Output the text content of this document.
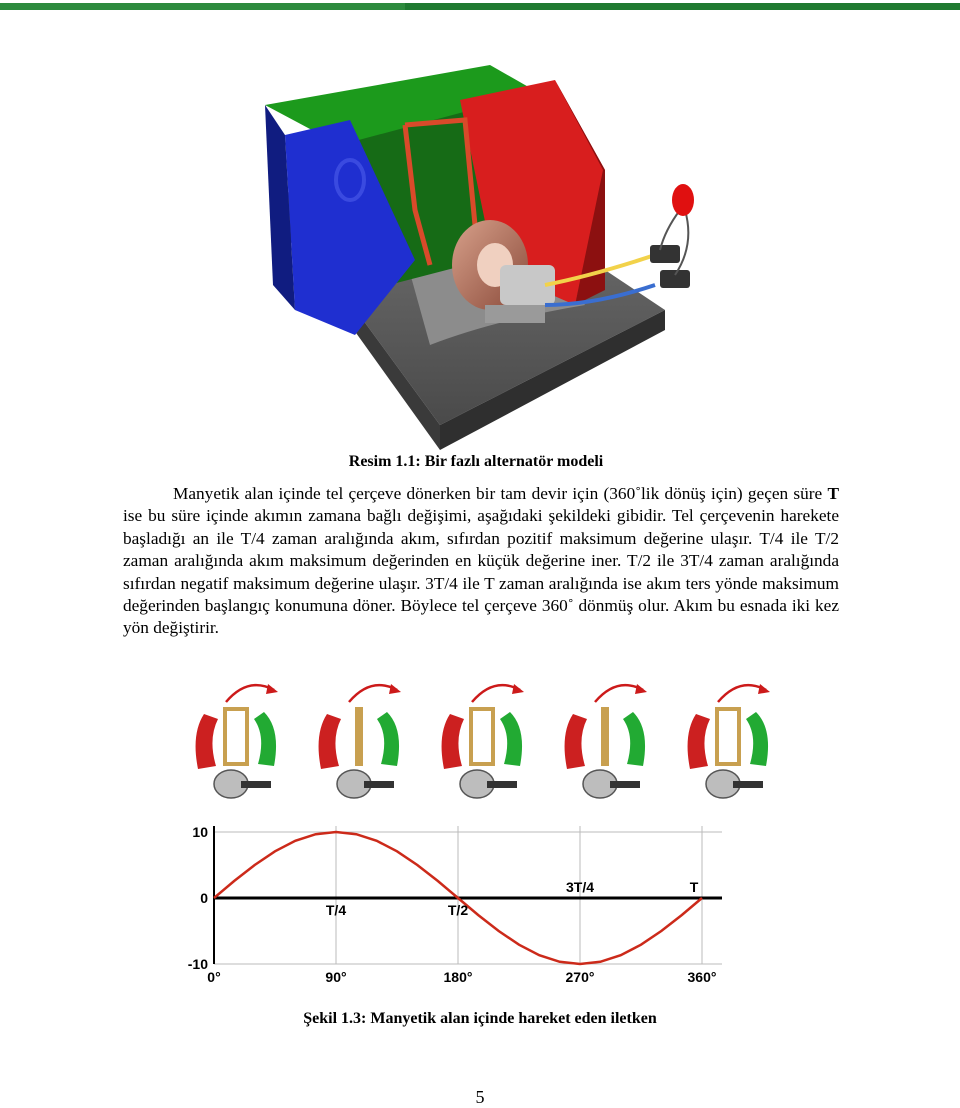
Resim 1.1: Bir fazlı alternatör modeli

Manyetik alan içinde tel çerçeve dönerken bir tam devir için (360˚lik dönüş için) geçen süre T ise bu süre içinde akımın zamana bağlı değişimi, aşağıdaki şekildeki gibidir. Tel çerçevenin harekete başladığı an ile T/4 zaman aralığında akım, sıfırdan pozitif maksimum değerine ulaşır. T/4 ile T/2 zaman aralığında akım maksimum değerinden en küçük değerine iner. T/2 ile 3T/4 zaman aralığında sıfırdan negatif maksimum değerine ulaşır. 3T/4 ile T zaman aralığında ise akım ters yönde maksimum değerinden başlangıç konumuna döner. Böylece tel çerçeve 360˚ dönmüş olur. Akım bu esnada iki kez yön değiştirir.

10
0
-10
0°	90°	180°	270°	360°
T/4	T/2
3T/4	T
Şekil 1.3: Manyetik alan içinde hareket eden iletken
5
